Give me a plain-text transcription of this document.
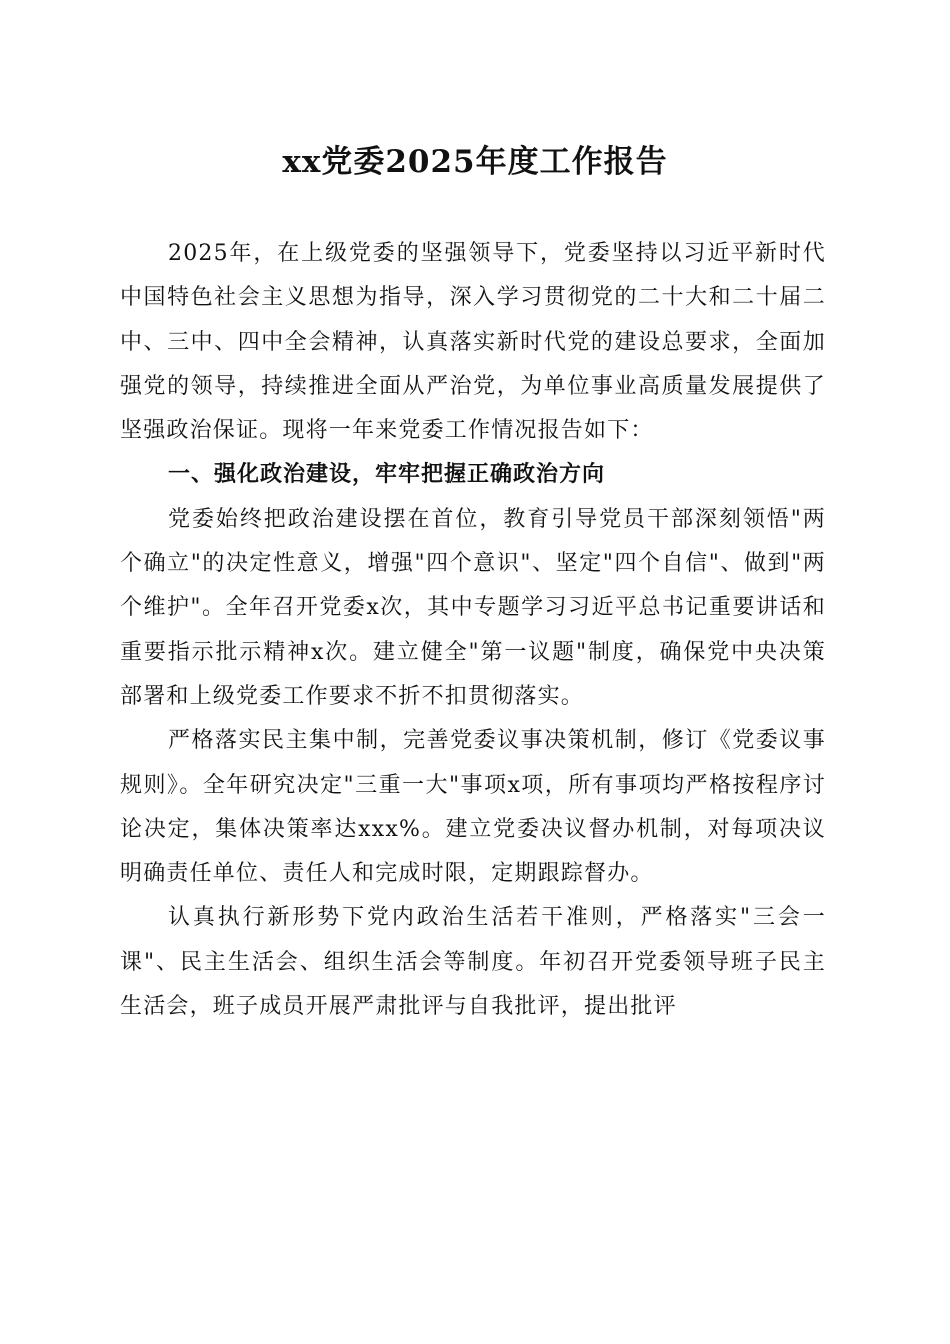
xx党委2025年度工作报告

2025年，在上级党委的坚强领导下，党委坚持以习近平新时代中国特色社会主义思想为指导，深入学习贯彻党的二十大和二十届二中、三中、四中全会精神，认真落实新时代党的建设总要求，全面加强党的领导，持续推进全面从严治党，为单位事业高质量发展提供了坚强政治保证。现将一年来党委工作情况报告如下：

一、强化政治建设，牢牢把握正确政治方向

党委始终把政治建设摆在首位，教育引导党员干部深刻领悟"两个确立"的决定性意义，增强"四个意识"、坚定"四个自信"、做到"两个维护"。全年召开党委x次，其中专题学习习近平总书记重要讲话和重要指示批示精神x次。建立健全"第一议题"制度，确保党中央决策部署和上级党委工作要求不折不扣贯彻落实。

严格落实民主集中制，完善党委议事决策机制，修订《党委议事规则》。全年研究决定"三重一大"事项x项，所有事项均严格按程序讨论决定，集体决策率达xxx%。建立党委决议督办机制，对每项决议明确责任单位、责任人和完成时限，定期跟踪督办。

认真执行新形势下党内政治生活若干准则，严格落实"三会一课"、民主生活会、组织生活会等制度。年初召开党委领导班子民主生活会，班子成员开展严肃批评与自我批评，提出批评
